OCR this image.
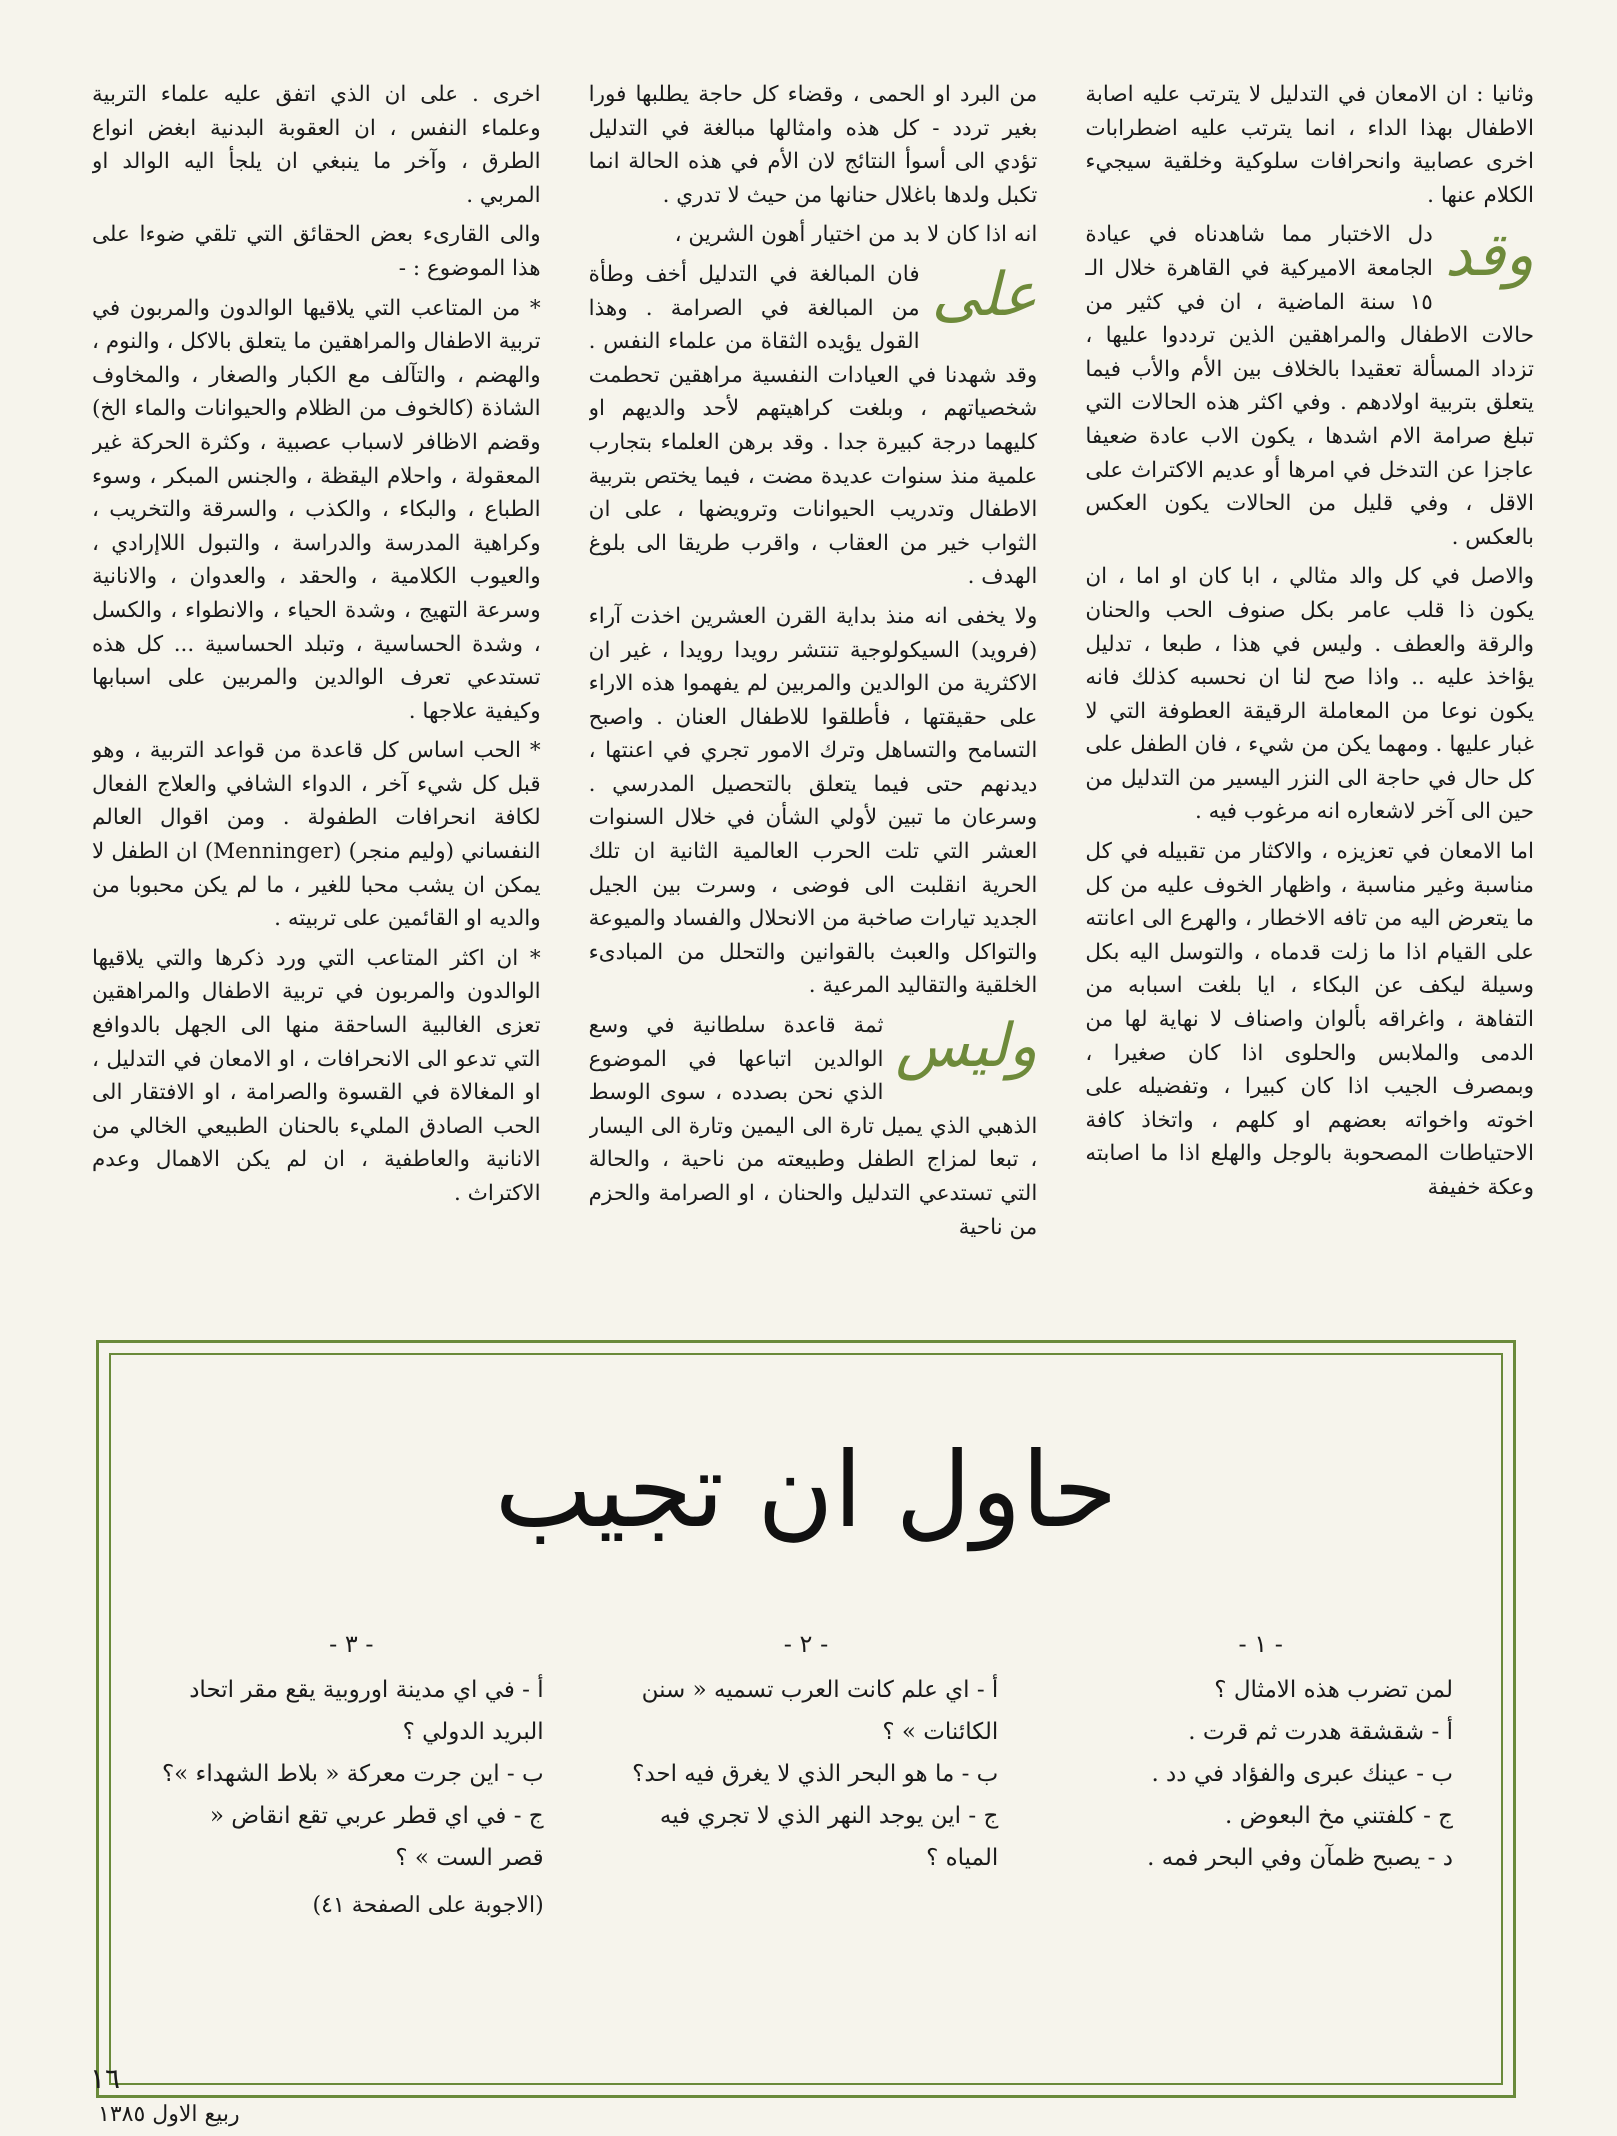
وثانيا : ان الامعان في التدليل لا يترتب عليه اصابة الاطفال بهذا الداء ، انما يترتب عليه اضطرابات اخرى عصابية وانحرافات سلوكية وخلقية سيجيء الكلام عنها .

وقد

دل الاختبار مما شاهدناه في عيادة الجامعة الاميركية في القاهرة خلال الـ ١٥ سنة الماضية ، ان في كثير من حالات الاطفال والمراهقين الذين ترددوا عليها ، تزداد المسألة تعقيدا بالخلاف بين الأم والأب فيما يتعلق بتربية اولادهم . وفي اكثر هذه الحالات التي تبلغ صرامة الام اشدها ، يكون الاب عادة ضعيفا عاجزا عن التدخل في امرها أو عديم الاكتراث على الاقل ، وفي قليل من الحالات يكون العكس بالعكس .

والاصل في كل والد مثالي ، ابا كان او اما ، ان يكون ذا قلب عامر بكل صنوف الحب والحنان والرقة والعطف . وليس في هذا ، طبعا ، تدليل يؤاخذ عليه .. واذا صح لنا ان نحسبه كذلك فانه يكون نوعا من المعاملة الرقيقة العطوفة التي لا غبار عليها . ومهما يكن من شيء ، فان الطفل على كل حال في حاجة الى النزر اليسير من التدليل من حين الى آخر لاشعاره انه مرغوب فيه .

اما الامعان في تعزيزه ، والاكثار من تقبيله في كل مناسبة وغير مناسبة ، واظهار الخوف عليه من كل ما يتعرض اليه من تافه الاخطار ، والهرع الى اعانته على القيام اذا ما زلت قدماه ، والتوسل اليه بكل وسيلة ليكف عن البكاء ، ايا بلغت اسبابه من التفاهة ، واغراقه بألوان واصناف لا نهاية لها من الدمى والملابس والحلوى اذا كان صغيرا ، وبمصرف الجيب اذا كان كبيرا ، وتفضيله على اخوته واخواته بعضهم او كلهم ، واتخاذ كافة الاحتياطات المصحوبة بالوجل والهلع اذا ما اصابته وعكة خفيفة

من البرد او الحمى ، وقضاء كل حاجة يطلبها فورا بغير تردد - كل هذه وامثالها مبالغة في التدليل تؤدي الى أسوأ النتائج لان الأم في هذه الحالة انما تكبل ولدها باغلال حنانها من حيث لا تدري .

انه اذا كان لا بد من اختيار أهون الشرين ،

على

فان المبالغة في التدليل أخف وطأة من المبالغة في الصرامة . وهذا القول يؤيده الثقاة من علماء النفس . وقد شهدنا في العيادات النفسية مراهقين تحطمت شخصياتهم ، وبلغت كراهيتهم لأحد والديهم او كليهما درجة كبيرة جدا . وقد برهن العلماء بتجارب علمية منذ سنوات عديدة مضت ، فيما يختص بتربية الاطفال وتدريب الحيوانات وترويضها ، على ان الثواب خير من العقاب ، واقرب طريقا الى بلوغ الهدف .

ولا يخفى انه منذ بداية القرن العشرين اخذت آراء (فرويد) السيكولوجية تنتشر رويدا رويدا ، غير ان الاكثرية من الوالدين والمربين لم يفهموا هذه الاراء على حقيقتها ، فأطلقوا للاطفال العنان . واصبح التسامح والتساهل وترك الامور تجري في اعنتها ، ديدنهم حتى فيما يتعلق بالتحصيل المدرسي . وسرعان ما تبين لأولي الشأن في خلال السنوات العشر التي تلت الحرب العالمية الثانية ان تلك الحرية انقلبت الى فوضى ، وسرت بين الجيل الجديد تيارات صاخبة من الانحلال والفساد والميوعة والتواكل والعبث بالقوانين والتحلل من المبادىء الخلقية والتقاليد المرعية .

وليس

ثمة قاعدة سلطانية في وسع الوالدين اتباعها في الموضوع الذي نحن بصدده ، سوى الوسط الذهبي الذي يميل تارة الى اليمين وتارة الى اليسار ، تبعا لمزاج الطفل وطبيعته من ناحية ، والحالة التي تستدعي التدليل والحنان ، او الصرامة والحزم من ناحية

اخرى . على ان الذي اتفق عليه علماء التربية وعلماء النفس ، ان العقوبة البدنية ابغض انواع الطرق ، وآخر ما ينبغي ان يلجأ اليه الوالد او المربي .

والى القارىء بعض الحقائق التي تلقي ضوءا على هذا الموضوع : -

* من المتاعب التي يلاقيها الوالدون والمربون في تربية الاطفال والمراهقين ما يتعلق بالاكل ، والنوم ، والهضم ، والتآلف مع الكبار والصغار ، والمخاوف الشاذة (كالخوف من الظلام والحيوانات والماء الخ) وقضم الاظافر لاسباب عصبية ، وكثرة الحركة غير المعقولة ، واحلام اليقظة ، والجنس المبكر ، وسوء الطباع ، والبكاء ، والكذب ، والسرقة والتخريب ، وكراهية المدرسة والدراسة ، والتبول اللاإرادي ، والعيوب الكلامية ، والحقد ، والعدوان ، والانانية وسرعة التهيج ، وشدة الحياء ، والانطواء ، والكسل ، وشدة الحساسية ، وتبلد الحساسية ... كل هذه تستدعي تعرف الوالدين والمربين على اسبابها وكيفية علاجها .

* الحب اساس كل قاعدة من قواعد التربية ، وهو قبل كل شيء آخر ، الدواء الشافي والعلاج الفعال لكافة انحرافات الطفولة . ومن اقوال العالم النفساني (وليم منجر) (Menninger) ان الطفل لا يمكن ان يشب محبا للغير ، ما لم يكن محبوبا من والديه او القائمين على تربيته .

* ان اكثر المتاعب التي ورد ذكرها والتي يلاقيها الوالدون والمربون في تربية الاطفال والمراهقين تعزى الغالبية الساحقة منها الى الجهل بالدوافع التي تدعو الى الانحرافات ، او الامعان في التدليل ، او المغالاة في القسوة والصرامة ، او الافتقار الى الحب الصادق المليء بالحنان الطبيعي الخالي من الانانية والعاطفية ، ان لم يكن الاهمال وعدم الاكتراث .

حاول ان تجيب
- ١ -

لمن تضرب هذه الامثال ؟

أ - شقشقة هدرت ثم قرت .

ب - عينك عبرى والفؤاد في دد .

ج - كلفتني مخ البعوض .

د - يصبح ظمآن وفي البحر فمه .

- ٢ -

أ - اي علم كانت العرب تسميه « سنن الكائنات » ؟

ب - ما هو البحر الذي لا يغرق فيه احد؟

ج - اين يوجد النهر الذي لا تجري فيه المياه ؟

- ٣ -

أ - في اي مدينة اوروبية يقع مقر اتحاد البريد الدولي ؟

ب - اين جرت معركة « بلاط الشهداء »؟

ج - في اي قطر عربي تقع انقاض « قصر الست » ؟

(الاجوبة على الصفحة ٤١)

١٦
ربيع الاول ١٣٨٥
